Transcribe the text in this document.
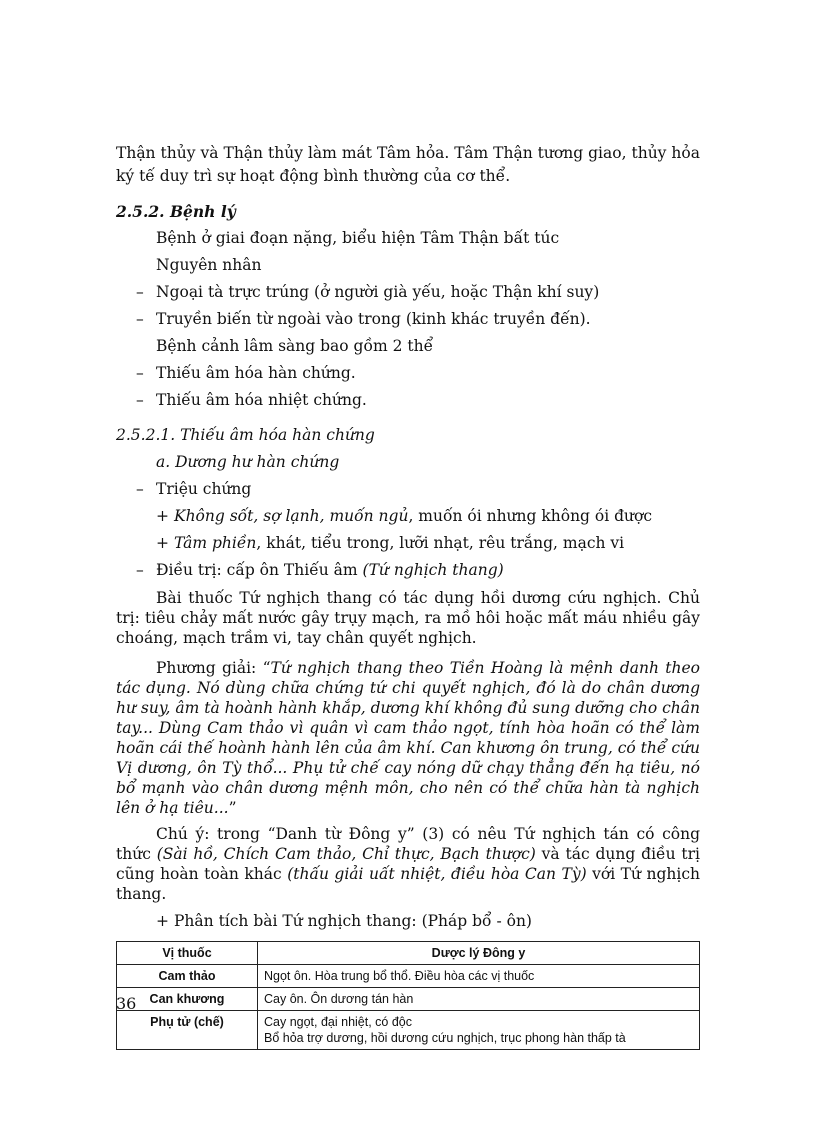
Thận thủy và Thận thủy làm mát Tâm hỏa. Tâm Thận tương giao, thủy hỏa ký tế duy trì sự hoạt động bình thường của cơ thể.

2.5.2. Bệnh lý

Bệnh ở giai đoạn nặng, biểu hiện Tâm Thận bất túc

Nguyên nhân

– Ngoại tà trực trúng (ở người già yếu, hoặc Thận khí suy)

– Truyền biến từ ngoài vào trong (kinh khác truyền đến).

Bệnh cảnh lâm sàng bao gồm 2 thể

– Thiếu âm hóa hàn chứng.

– Thiếu âm hóa nhiệt chứng.

2.5.2.1. Thiếu âm hóa hàn chứng

a. Dương hư hàn chứng

– Triệu chứng

+ Không sốt, sợ lạnh, muốn ngủ, muốn ói nhưng không ói được

+ Tâm phiền, khát, tiểu trong, lưỡi nhạt, rêu trắng, mạch vi

– Điều trị: cấp ôn Thiếu âm (Tứ nghịch thang)

Bài thuốc Tứ nghịch thang có tác dụng hồi dương cứu nghịch. Chủ trị: tiêu chảy mất nước gây trụy mạch, ra mồ hôi hoặc mất máu nhiều gây choáng, mạch trầm vi, tay chân quyết nghịch.

Phương giải: “Tứ nghịch thang theo Tiền Hoàng là mệnh danh theo tác dụng. Nó dùng chữa chứng tứ chi quyết nghịch, đó là do chân dương hư suy, âm tà hoành hành khắp, dương khí không đủ sung dưỡng cho chân tay... Dùng Cam thảo vì quân vì cam thảo ngọt, tính hòa hoãn có thể làm hoãn cái thế hoành hành lên của âm khí. Can khương ôn trung, có thể cứu Vị dương, ôn Tỳ thổ... Phụ tử chế cay nóng dữ chạy thẳng đến hạ tiêu, nó bổ mạnh vào chân dương mệnh môn, cho nên có thể chữa hàn tà nghịch lên ở hạ tiêu...”

Chú ý: trong “Danh từ Đông y” (3) có nêu Tứ nghịch tán có công thức (Sài hồ, Chích Cam thảo, Chỉ thực, Bạch thược) và tác dụng điều trị cũng hoàn toàn khác (thấu giải uất nhiệt, điều hòa Can Tỳ) với Tứ nghịch thang.

+ Phân tích bài Tứ nghịch thang: (Pháp bổ - ôn)

Vị thuốc	Dược lý Đông y
Cam thảo	Ngọt ôn. Hòa trung bổ thổ. Điều hòa các vị thuốc

Can khương	Cay ôn. Ôn dương tán hàn

Phụ tử (chế)	Cay ngọt, đại nhiệt, có độc
Bổ hỏa trợ dương, hồi dương cứu nghịch, trục phong hàn thấp tà
36
